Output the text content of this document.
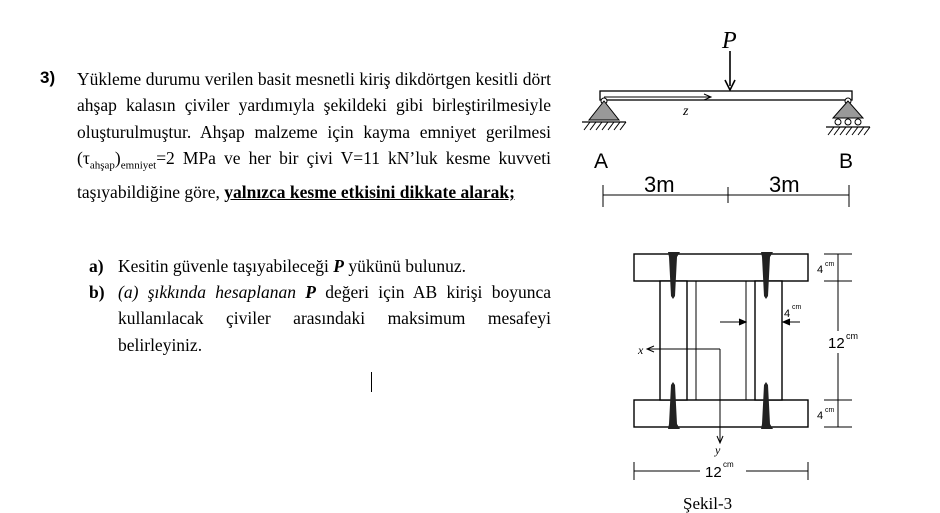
3) Yükleme durumu verilen basit mesnetli kiriş dikdörtgen kesitli dört ahşap kalasın çiviler yardımıyla şekildeki gibi birleştirilmesiyle oluşturulmuştur. Ahşap malzeme için kayma emniyet gerilmesi $(\tau_{ahşap})_{emniyet}=2$ MPa ve her bir çivi V=11 kN’luk kesme kuvveti taşıyabildiğine göre, yalnızca kesme etkisini dikkate alarak;
a) Kesitin güvenle taşıyabileceği P yükünü bulunuz.
b) (a) şıkkında hesaplanan P değeri için AB kirişi boyunca kullanılacak çiviler arasındaki maksimum mesafeyi belirleyiniz.
P
z
A	B
3m	3m
4
cm
x
y
4 cm
12 cm
4 cm
12 cm
Şekil-3
